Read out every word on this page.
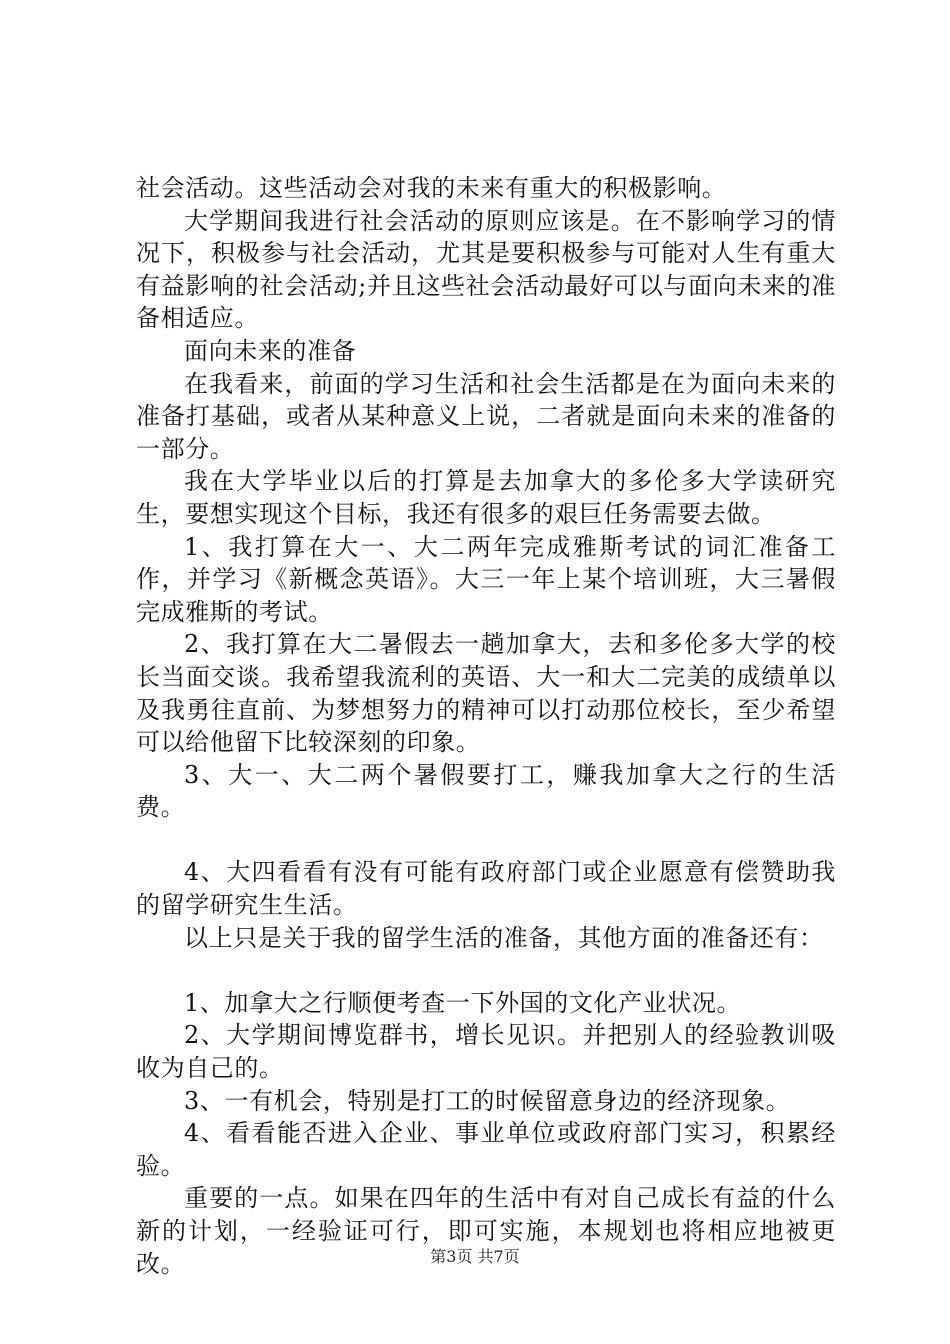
社会活动。这些活动会对我的未来有重大的积极影响。

大学期间我进行社会活动的原则应该是。在不影响学习的情况下，积极参与社会活动，尤其是要积极参与可能对人生有重大有益影响的社会活动;并且这些社会活动最好可以与面向未来的准备相适应。

面向未来的准备

在我看来，前面的学习生活和社会生活都是在为面向未来的准备打基础，或者从某种意义上说，二者就是面向未来的准备的一部分。

我在大学毕业以后的打算是去加拿大的多伦多大学读研究生，要想实现这个目标，我还有很多的艰巨任务需要去做。

1、我打算在大一、大二两年完成雅斯考试的词汇准备工作，并学习《新概念英语》。大三一年上某个培训班，大三暑假完成雅斯的考试。

2、我打算在大二暑假去一趟加拿大，去和多伦多大学的校长当面交谈。我希望我流利的英语、大一和大二完美的成绩单以及我勇往直前、为梦想努力的精神可以打动那位校长，至少希望可以给他留下比较深刻的印象。

3、大一、大二两个暑假要打工，赚我加拿大之行的生活费。

4、大四看看有没有可能有政府部门或企业愿意有偿赞助我的留学研究生生活。

以上只是关于我的留学生活的准备，其他方面的准备还有：

1、加拿大之行顺便考查一下外国的文化产业状况。

2、大学期间博览群书，增长见识。并把别人的经验教训吸收为自己的。

3、一有机会，特别是打工的时候留意身边的经济现象。

4、看看能否进入企业、事业单位或政府部门实习，积累经验。

重要的一点。如果在四年的生活中有对自己成长有益的什么新的计划，一经验证可行，即可实施，本规划也将相应地被更改。	第3页 共7页
